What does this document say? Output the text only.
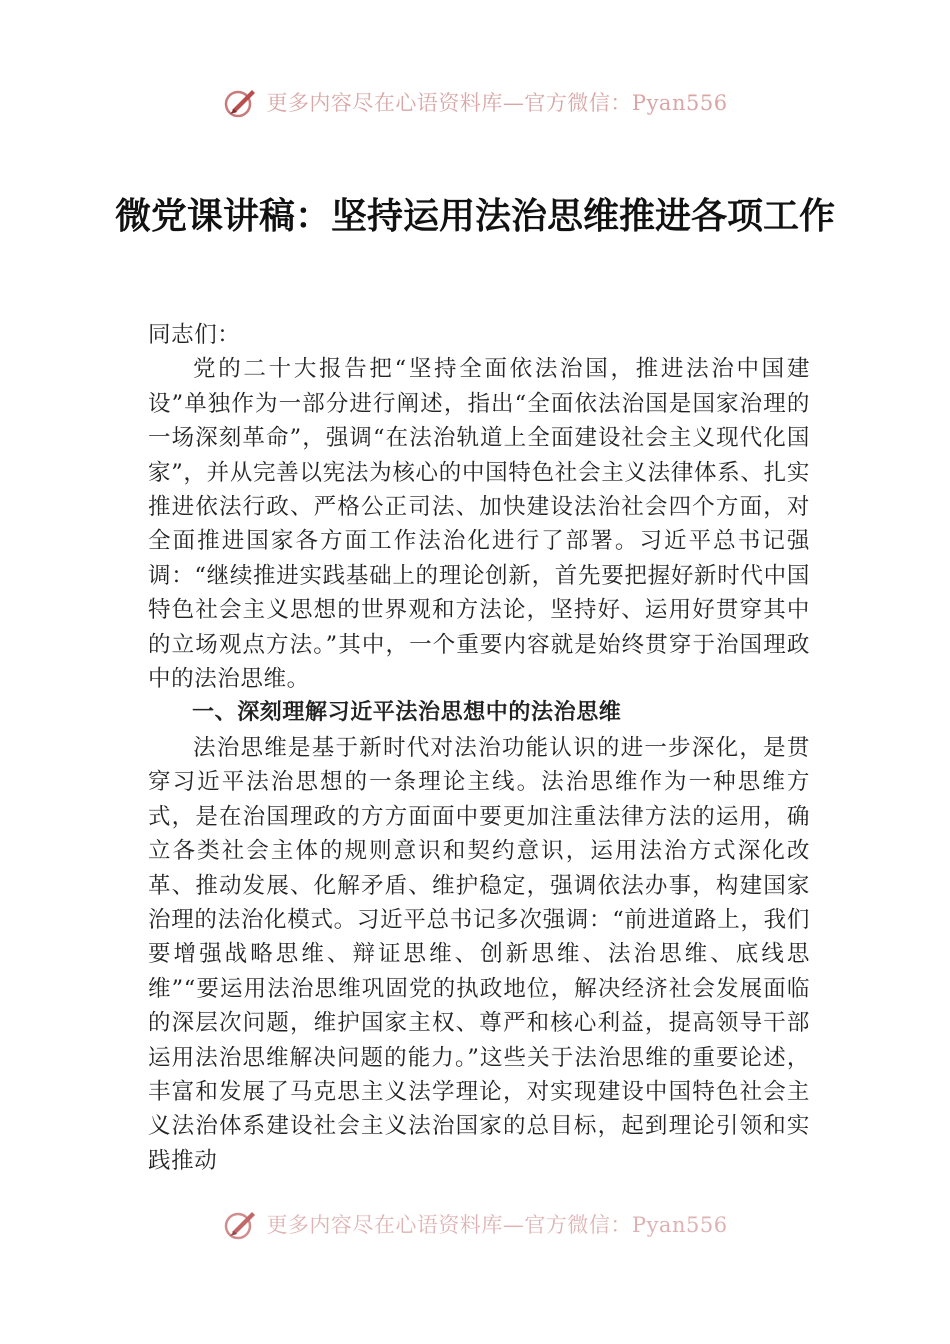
更多内容尽在心语资料库—官方微信：Pyan556
微党课讲稿：坚持运用法治思维推进各项工作

同志们：

党的二十大报告把“坚持全面依法治国，推进法治中国建设”单独作为一部分进行阐述，指出“全面依法治国是国家治理的一场深刻革命”，强调“在法治轨道上全面建设社会主义现代化国家”，并从完善以宪法为核心的中国特色社会主义法律体系、扎实推进依法行政、严格公正司法、加快建设法治社会四个方面，对全面推进国家各方面工作法治化进行了部署。习近平总书记强调：“继续推进实践基础上的理论创新，首先要把握好新时代中国特色社会主义思想的世界观和方法论，坚持好、运用好贯穿其中的立场观点方法。”其中，一个重要内容就是始终贯穿于治国理政中的法治思维。

一、深刻理解习近平法治思想中的法治思维

法治思维是基于新时代对法治功能认识的进一步深化，是贯穿习近平法治思想的一条理论主线。法治思维作为一种思维方式，是在治国理政的方方面面中要更加注重法律方法的运用，确立各类社会主体的规则意识和契约意识，运用法治方式深化改革、推动发展、化解矛盾、维护稳定，强调依法办事，构建国家治理的法治化模式。习近平总书记多次强调：“前进道路上，我们要增强战略思维、辩证思维、创新思维、法治思维、底线思维”“要运用法治思维巩固党的执政地位，解决经济社会发展面临的深层次问题，维护国家主权、尊严和核心利益，提高领导干部运用法治思维解决问题的能力。”这些关于法治思维的重要论述，丰富和发展了马克思主义法学理论，对实现建设中国特色社会主义法治体系建设社会主义法治国家的总目标，起到理论引领和实践推动

更多内容尽在心语资料库—官方微信：Pyan556
